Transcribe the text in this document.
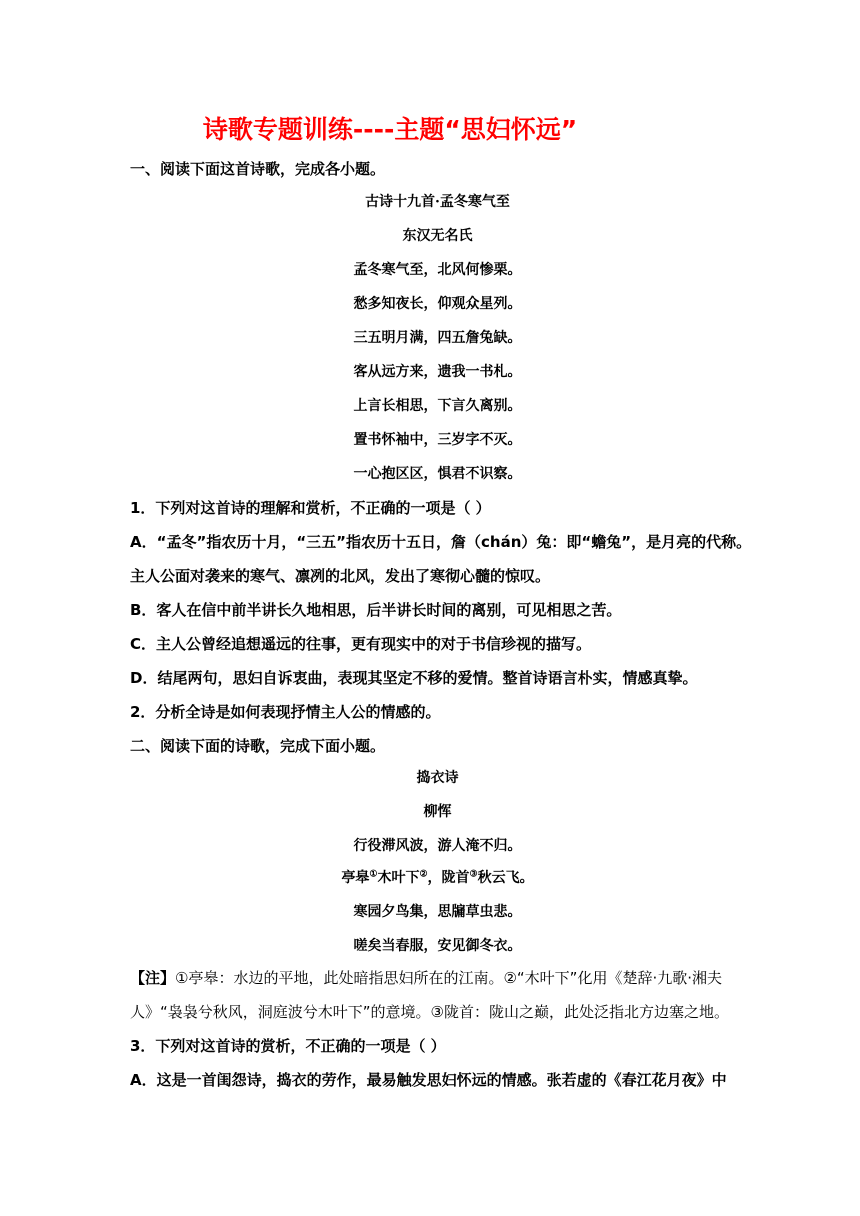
诗歌专题训练----主题“思妇怀远”
一、阅读下面这首诗歌，完成各小题。
古诗十九首·孟冬寒气至
东汉无名氏
孟冬寒气至，北风何惨栗。
愁多知夜长，仰观众星列。
三五明月满，四五詹兔缺。
客从远方来，遗我一书札。
上言长相思，下言久离别。
置书怀袖中，三岁字不灭。
一心抱区区，惧君不识察。
1．下列对这首诗的理解和赏析，不正确的一项是（ ）
A．“孟冬”指农历十月，“三五”指农历十五日，詹（chán）兔：即“蟾兔”，是月亮的代称。
主人公面对袭来的寒气、凛冽的北风，发出了寒彻心髓的惊叹。
B．客人在信中前半讲长久地相思，后半讲长时间的离别，可见相思之苦。
C．主人公曾经追想遥远的往事，更有现实中的对于书信珍视的描写。
D．结尾两句，思妇自诉衷曲，表现其坚定不移的爱情。整首诗语言朴实，情感真挚。
2．分析全诗是如何表现抒情主人公的情感的。
二、阅读下面的诗歌，完成下面小题。
捣衣诗
柳恽
行役滞风波，游人淹不归。
亭皋①木叶下②，陇首③秋云飞。
寒园夕鸟集，思牖草虫悲。
嗟矣当春服，安见御冬衣。
【注】①亭皋：水边的平地，此处暗指思妇所在的江南。②“木叶下”化用《楚辞·九歌·湘夫
人》“袅袅兮秋风，洞庭波兮木叶下”的意境。③陇首：陇山之巅，此处泛指北方边塞之地。
3．下列对这首诗的赏析，不正确的一项是（ ）
A．这是一首闺怨诗，捣衣的劳作，最易触发思妇怀远的情感。张若虚的《春江花月夜》中
